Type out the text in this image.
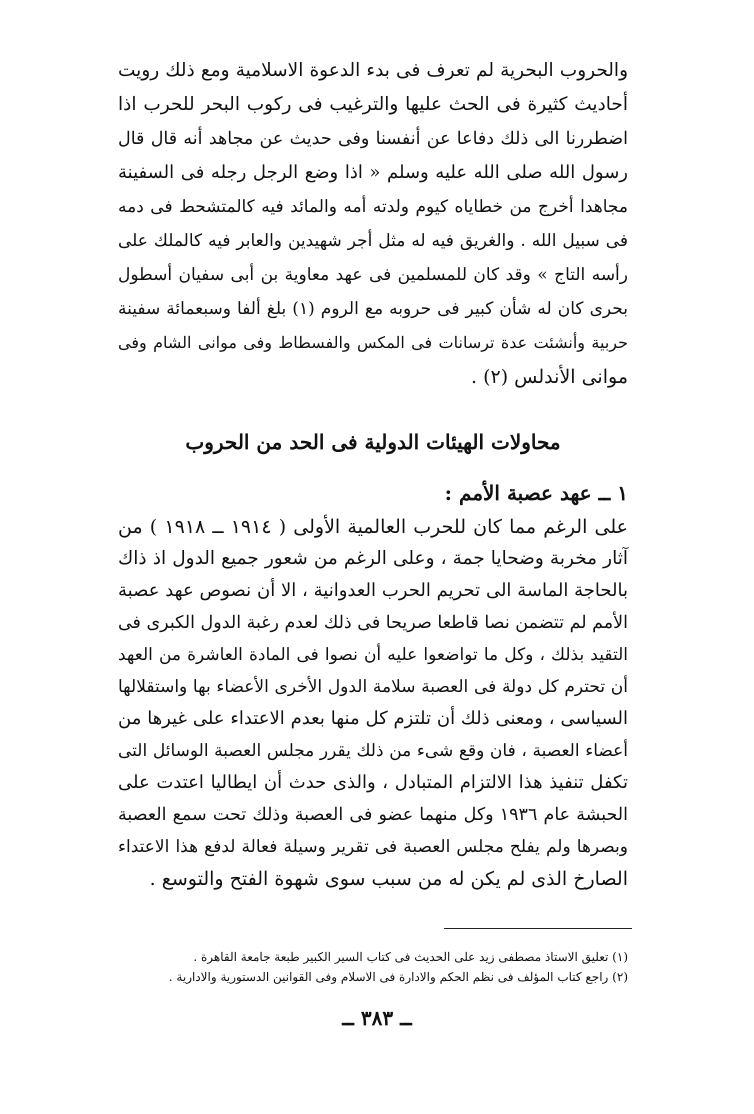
والحروب البحرية لم تعرف فى بدء الدعوة الاسلامية ومع ذلك رويت
أحاديث كثيرة فى الحث عليها والترغيب فى ركوب البحر للحرب اذا
اضطررنا الى ذلك دفاعا عن أنفسنا وفى حديث عن مجاهد أنه قال قال
رسول الله صلى الله عليه وسلم « اذا وضع الرجل رجله فى السفينة
مجاهدا أخرج من خطاياه كيوم ولدته أمه والمائد فيه كالمتشحط فى دمه
فى سبيل الله . والغريق فيه له مثل أجر شهيدين والعابر فيه كالملك على
رأسه التاج » وقد كان للمسلمين فى عهد معاوية بن أبى سفيان أسطول
بحرى كان له شأن كبير فى حروبه مع الروم (١) بلغ ألفا وسبعمائة سفينة
حربية وأنشئت عدة ترسانات فى المكس والفسطاط وفى موانى الشام وفى
موانى الأندلس (٢) .
محاولات الهيئات الدولية فى الحد من الحروب
١ ــ عهد عصبة الأمم :
على الرغم مما كان للحرب العالمية الأولى ( ١٩١٤ ــ ١٩١٨ ) من
آثار مخربة وضحايا جمة ، وعلى الرغم من شعور جميع الدول اذ ذاك
بالحاجة الماسة الى تحريم الحرب العدوانية ، الا أن نصوص عهد عصبة
الأمم لم تتضمن نصا قاطعا صريحا فى ذلك لعدم رغبة الدول الكبرى فى
التقيد بذلك ، وكل ما تواضعوا عليه أن نصوا فى المادة العاشرة من العهد
أن تحترم كل دولة فى العصبة سلامة الدول الأخرى الأعضاء بها واستقلالها
السياسى ، ومعنى ذلك أن تلتزم كل منها بعدم الاعتداء على غيرها من
أعضاء العصبة ، فان وقع شىء من ذلك يقرر مجلس العصبة الوسائل التى
تكفل تنفيذ هذا الالتزام المتبادل ، والذى حدث أن ايطاليا اعتدت على
الحبشة عام ١٩٣٦ وكل منهما عضو فى العصبة وذلك تحت سمع العصبة
وبصرها ولم يفلح مجلس العصبة فى تقرير وسيلة فعالة لدفع هذا الاعتداء
الصارخ الذى لم يكن له من سبب سوى شهوة الفتح والتوسع .
(١) تعليق الاستاذ مصطفى زيد على الحديث فى كتاب السير الكبير طبعة جامعة القاهرة .
(٢) راجع كتاب المؤلف فى نظم الحكم والادارة فى الاسلام وفى القوانين الدستورية والادارية .
ــ ٣٨٣ ــ
